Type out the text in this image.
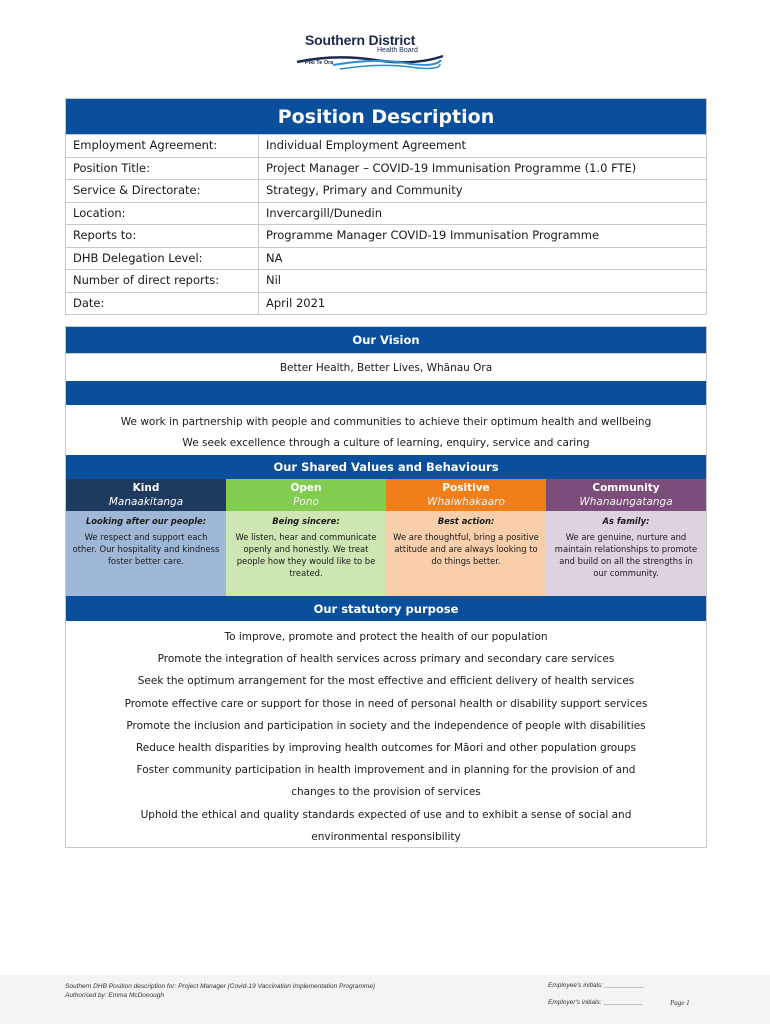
Southern District
Health Board
Piki Te Ora
Position Description
Employment Agreement:	Individual Employment Agreement
Position Title:	Project Manager – COVID-19 Immunisation Programme (1.0 FTE)
Service & Directorate:	Strategy, Primary and Community
Location:	Invercargill/Dunedin
Reports to:	Programme Manager COVID-19 Immunisation Programme
DHB Delegation Level:	NA
Number of direct reports:	Nil
Date:	April 2021
Our Vision
Better Health, Better Lives, Whānau Ora

We work in partnership with people and communities to achieve their optimum health and wellbeing

We seek excellence through a culture of learning, enquiry, service and caring

Our Shared Values and Behaviours
Kind
Manaakitanga
Looking after our people:
We respect and support each other. Our hospitality and kindness foster better care.
Open
Pono
Being sincere:
We listen, hear and communicate openly and honestly. We treat people how they would like to be treated.
Positive
Whaiwhakaaro
Best action:
We are thoughtful, bring a positive attitude and are always looking to do things better.
Community
Whanaungatanga
As family:
We are genuine, nurture and maintain relationships to promote and build on all the strengths in our community.
Our statutory purpose

To improve, promote and protect the health of our population

Promote the integration of health services across primary and secondary care services

Seek the optimum arrangement for the most effective and efficient delivery of health services

Promote effective care or support for those in need of personal health or disability support services

Promote the inclusion and participation in society and the independence of people with disabilities

Reduce health disparities by improving health outcomes for Māori and other population groups

Foster community participation in health improvement and in planning for the provision of and

changes to the provision of services

Uphold the ethical and quality standards expected of use and to exhibit a sense of social and

environmental responsibility

Southern DHB Position description for: Project Manager (Covid-19 Vaccination Implementation Programme)
Authorised by: Emma McDonough
Employee's initials: ___________
Employer's initials: ___________	Page 1
